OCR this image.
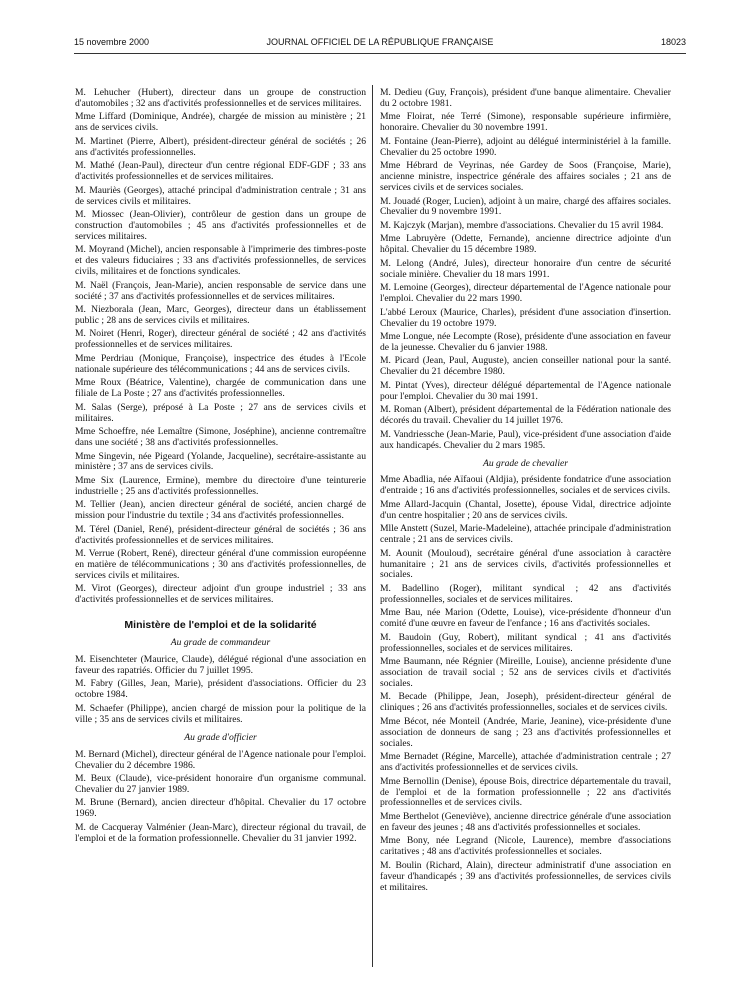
15 novembre 2000	JOURNAL OFFICIEL DE LA RÉPUBLIQUE FRANÇAISE	18023
M. Lehucher (Hubert), directeur dans un groupe de construction d'automobiles ; 32 ans d'activités professionnelles et de services militaires.
Mme Liffard (Dominique, Andrée), chargée de mission au ministère ; 21 ans de services civils.
M. Martinet (Pierre, Albert), président-directeur général de sociétés ; 26 ans d'activités professionnelles.
M. Mathé (Jean-Paul), directeur d'un centre régional EDF-GDF ; 33 ans d'activités professionnelles et de services militaires.
M. Mauriès (Georges), attaché principal d'administration centrale ; 31 ans de services civils et militaires.
M. Miossec (Jean-Olivier), contrôleur de gestion dans un groupe de construction d'automobiles ; 45 ans d'activités professionnelles et de services militaires.
M. Moyrand (Michel), ancien responsable à l'imprimerie des timbres-poste et des valeurs fiduciaires ; 33 ans d'activités professionnelles, de services civils, militaires et de fonctions syndicales.
M. Naël (François, Jean-Marie), ancien responsable de service dans une société ; 37 ans d'activités professionnelles et de services militaires.
M. Niezborala (Jean, Marc, Georges), directeur dans un établissement public ; 28 ans de services civils et militaires.
M. Noiret (Henri, Roger), directeur général de société ; 42 ans d'activités professionnelles et de services militaires.
Mme Perdriau (Monique, Françoise), inspectrice des études à l'Ecole nationale supérieure des télécommunications ; 44 ans de services civils.
Mme Roux (Béatrice, Valentine), chargée de communication dans une filiale de La Poste ; 27 ans d'activités professionnelles.
M. Salas (Serge), préposé à La Poste ; 27 ans de services civils et militaires.
Mme Schoeffre, née Lemaître (Simone, Joséphine), ancienne contremaître dans une société ; 38 ans d'activités professionnelles.
Mme Singevin, née Pigeard (Yolande, Jacqueline), secrétaire-assistante au ministère ; 37 ans de services civils.
Mme Six (Laurence, Ermine), membre du directoire d'une teinturerie industrielle ; 25 ans d'activités professionnelles.
M. Tellier (Jean), ancien directeur général de société, ancien chargé de mission pour l'industrie du textile ; 34 ans d'activités professionnelles.
M. Térel (Daniel, René), président-directeur général de sociétés ; 36 ans d'activités professionnelles et de services militaires.
M. Verrue (Robert, René), directeur général d'une commission européenne en matière de télécommunications ; 30 ans d'activités professionnelles, de services civils et militaires.
M. Virot (Georges), directeur adjoint d'un groupe industriel ; 33 ans d'activités professionnelles et de services militaires.
Ministère de l'emploi et de la solidarité
Au grade de commandeur
M. Eisenchteter (Maurice, Claude), délégué régional d'une association en faveur des rapatriés. Officier du 7 juillet 1995.
M. Fabry (Gilles, Jean, Marie), président d'associations. Officier du 23 octobre 1984.
M. Schaefer (Philippe), ancien chargé de mission pour la politique de la ville ; 35 ans de services civils et militaires.
Au grade d'officier
M. Bernard (Michel), directeur général de l'Agence nationale pour l'emploi. Chevalier du 2 décembre 1986.
M. Beux (Claude), vice-président honoraire d'un organisme communal. Chevalier du 27 janvier 1989.
M. Brune (Bernard), ancien directeur d'hôpital. Chevalier du 17 octobre 1969.
M. de Cacqueray Valménier (Jean-Marc), directeur régional du travail, de l'emploi et de la formation professionnelle. Chevalier du 31 janvier 1992.
M. Dedieu (Guy, François), président d'une banque alimentaire. Chevalier du 2 octobre 1981.
Mme Floirat, née Terré (Simone), responsable supérieure infirmière, honoraire. Chevalier du 30 novembre 1991.
M. Fontaine (Jean-Pierre), adjoint au délégué interministériel à la famille. Chevalier du 25 octobre 1990.
Mme Hébrard de Veyrinas, née Gardey de Soos (Françoise, Marie), ancienne ministre, inspectrice générale des affaires sociales ; 21 ans de services civils et de services sociales.
M. Jouadé (Roger, Lucien), adjoint à un maire, chargé des affaires sociales. Chevalier du 9 novembre 1991.
M. Kajczyk (Marjan), membre d'associations. Chevalier du 15 avril 1984.
Mme Labruyère (Odette, Fernande), ancienne directrice adjointe d'un hôpital. Chevalier du 15 décembre 1989.
M. Lelong (André, Jules), directeur honoraire d'un centre de sécurité sociale minière. Chevalier du 18 mars 1991.
M. Lemoine (Georges), directeur départemental de l'Agence nationale pour l'emploi. Chevalier du 22 mars 1990.
L'abbé Leroux (Maurice, Charles), président d'une association d'insertion. Chevalier du 19 octobre 1979.
Mme Longue, née Lecompte (Rose), présidente d'une association en faveur de la jeunesse. Chevalier du 6 janvier 1988.
M. Picard (Jean, Paul, Auguste), ancien conseiller national pour la santé. Chevalier du 21 décembre 1980.
M. Pintat (Yves), directeur délégué départemental de l'Agence nationale pour l'emploi. Chevalier du 30 mai 1991.
M. Roman (Albert), président départemental de la Fédération nationale des décorés du travail. Chevalier du 14 juillet 1976.
M. Vandriessche (Jean-Marie, Paul), vice-président d'une association d'aide aux handicapés. Chevalier du 2 mars 1985.
Au grade de chevalier
Mme Abadlia, née Aïfaoui (Aldjia), présidente fondatrice d'une association d'entraide ; 16 ans d'activités professionnelles, sociales et de services civils.
Mme Allard-Jacquin (Chantal, Josette), épouse Vidal, directrice adjointe d'un centre hospitalier ; 20 ans de services civils.
Mlle Anstett (Suzel, Marie-Madeleine), attachée principale d'administration centrale ; 21 ans de services civils.
M. Aounit (Mouloud), secrétaire général d'une association à caractère humanitaire ; 21 ans de services civils, d'activités professionnelles et sociales.
M. Badellino (Roger), militant syndical ; 42 ans d'activités professionnelles, sociales et de services militaires.
Mme Bau, née Marion (Odette, Louise), vice-présidente d'honneur d'un comité d'une œuvre en faveur de l'enfance ; 16 ans d'activités sociales.
M. Baudoin (Guy, Robert), militant syndical ; 41 ans d'activités professionnelles, sociales et de services militaires.
Mme Baumann, née Régnier (Mireille, Louise), ancienne présidente d'une association de travail social ; 52 ans de services civils et d'activités sociales.
M. Becade (Philippe, Jean, Joseph), président-directeur général de cliniques ; 26 ans d'activités professionnelles, sociales et de services civils.
Mme Bécot, née Monteil (Andrée, Marie, Jeanine), vice-présidente d'une association de donneurs de sang ; 23 ans d'activités professionnelles et sociales.
Mme Bernadet (Régine, Marcelle), attachée d'administration centrale ; 27 ans d'activités professionnelles et de services civils.
Mme Bernollin (Denise), épouse Bois, directrice départementale du travail, de l'emploi et de la formation professionnelle ; 22 ans d'activités professionnelles et de services civils.
Mme Berthelot (Geneviève), ancienne directrice générale d'une association en faveur des jeunes ; 48 ans d'activités professionnelles et sociales.
Mme Bony, née Legrand (Nicole, Laurence), membre d'associations caritatives ; 48 ans d'activités professionnelles et sociales.
M. Boulin (Richard, Alain), directeur administratif d'une association en faveur d'handicapés ; 39 ans d'activités professionnelles, de services civils et militaires.
